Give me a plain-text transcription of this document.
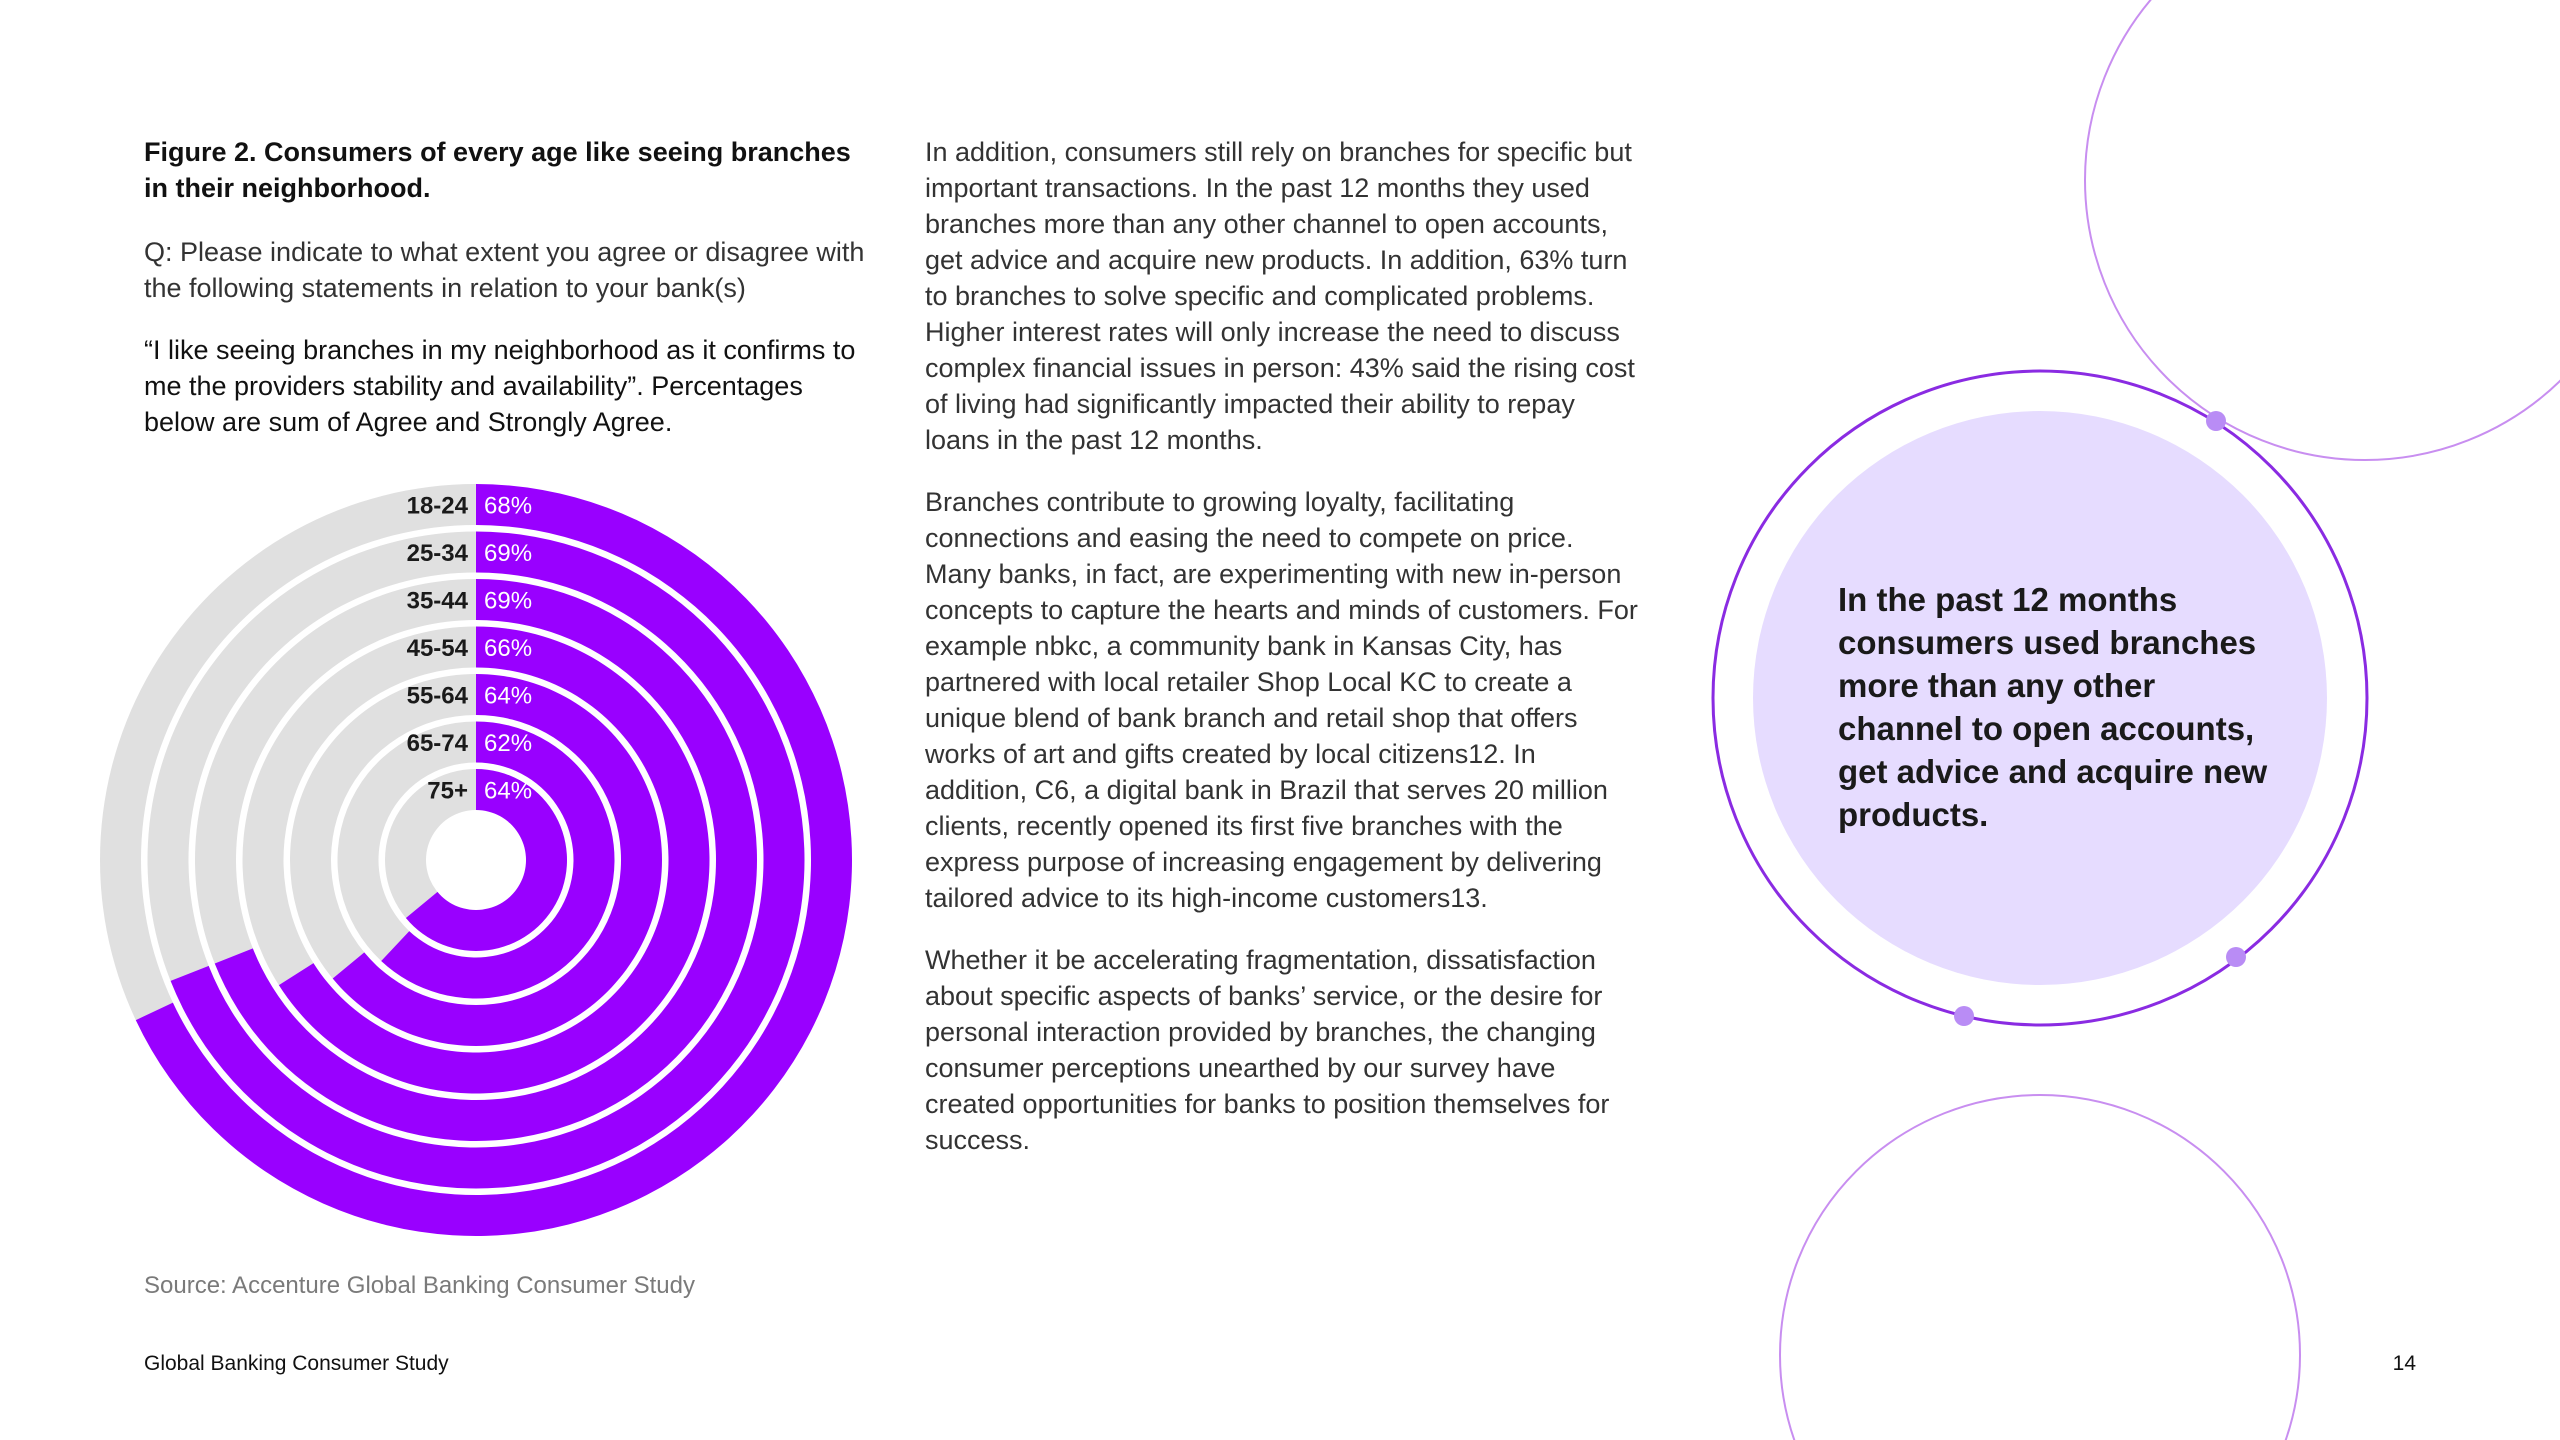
Figure 2. Consumers of every age like seeing branches in their neighborhood.
Q: Please indicate to what extent you agree or disagree with the following statements in relation to your bank(s)
“I like seeing branches in my neighborhood as it confirms to me the providers stability and availability”. Percentages below are sum of Agree and Strongly Agree.
18-24 68%
25-34 69%
35-44 69%
45-54 66%
55-64 64%
65-74 62%
75+ 64%
Source: Accenture Global Banking Consumer Study

In addition, consumers still rely on branches for specific but important transactions. In the past 12 months they used branches more than any other channel to open accounts, get advice and acquire new products. In addition, 63% turn to branches to solve specific and complicated problems. Higher interest rates will only increase the need to discuss complex financial issues in person: 43% said the rising cost of living had significantly impacted their ability to repay loans in the past 12 months.

Branches contribute to growing loyalty, facilitating connections and easing the need to compete on price. Many banks, in fact, are experimenting with new in-person concepts to capture the hearts and minds of customers. For example nbkc, a community bank in Kansas City, has partnered with local retailer Shop Local KC to create a unique blend of bank branch and retail shop that offers works of art and gifts created by local citizens12. In addition, C6, a digital bank in Brazil that serves 20 million clients, recently opened its first five branches with the express purpose of increasing engagement by delivering tailored advice to its high-income customers13.

Whether it be accelerating fragmentation, dissatisfaction about specific aspects of banks’ service, or the desire for personal interaction provided by branches, the changing consumer perceptions unearthed by our survey have created opportunities for banks to position themselves for success.

In the past 12 months consumers used branches more than any other channel to open accounts, get advice and acquire new products.
Global Banking Consumer Study	14
